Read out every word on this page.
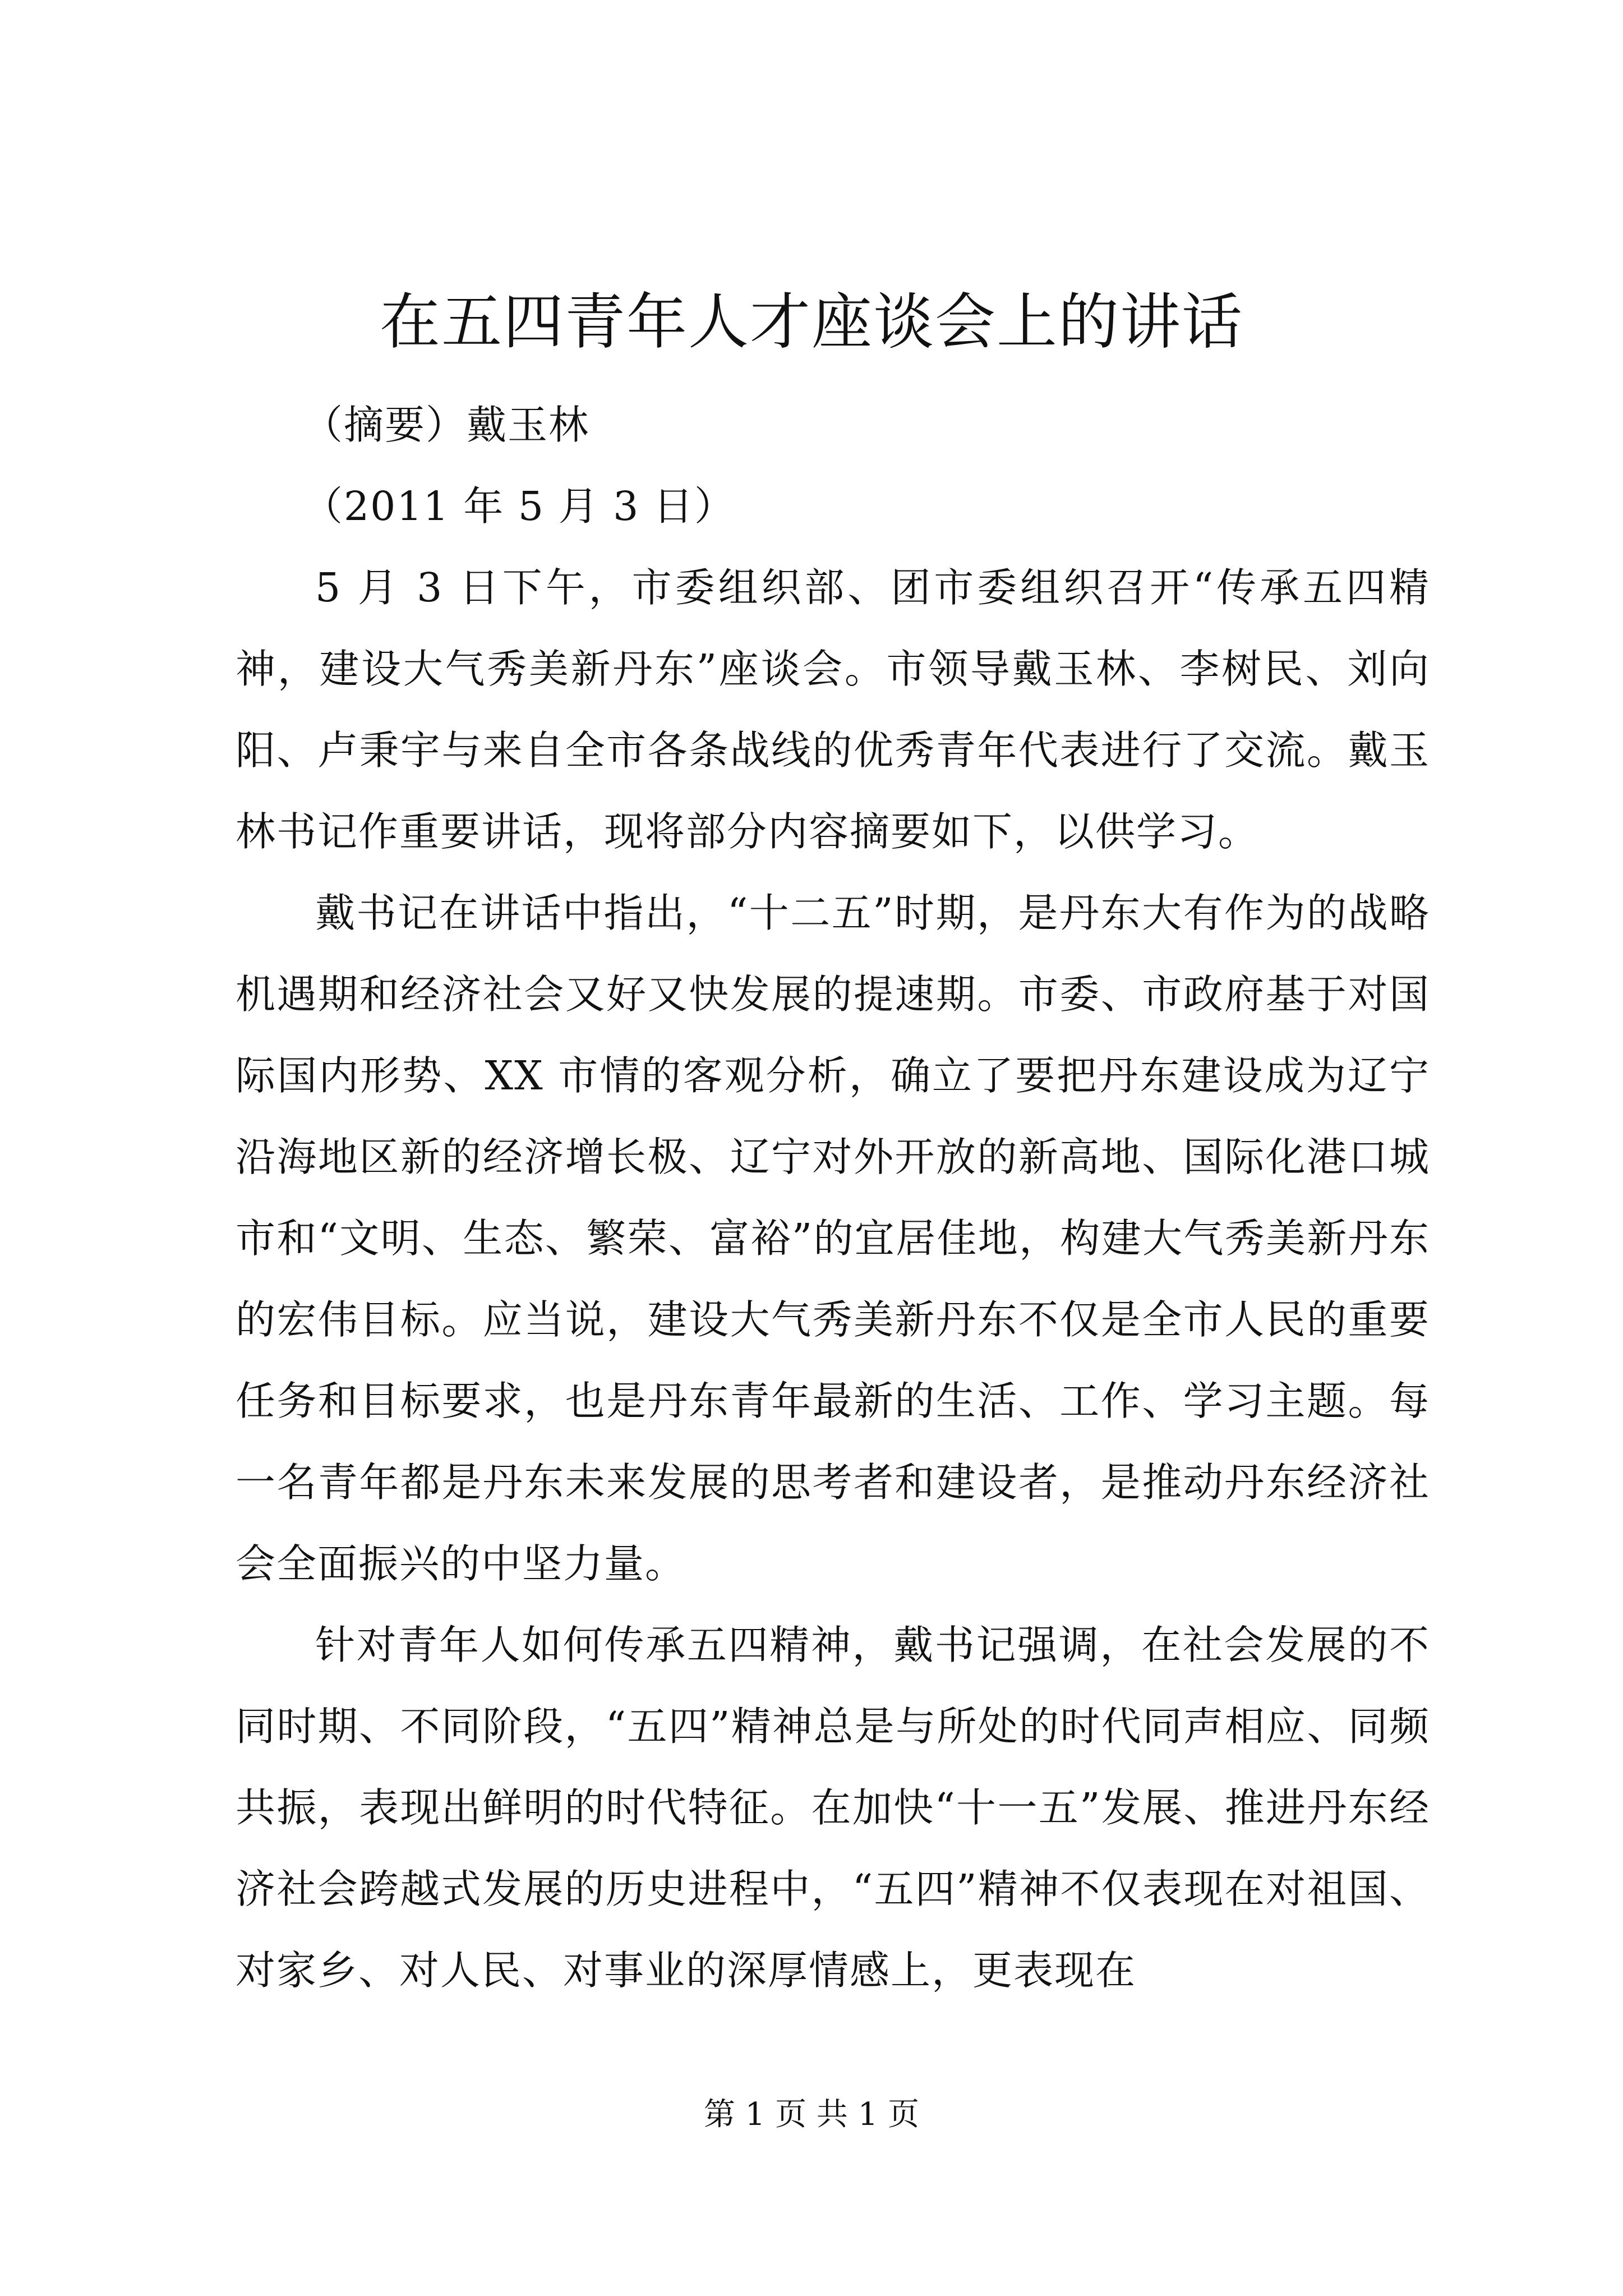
在五四青年人才座谈会上的讲话

（摘要）戴玉林

（2011 年 5 月 3 日）

5 月 3 日下午，市委组织部、团市委组织召开“传承五四精神，建设大气秀美新丹东”座谈会。市领导戴玉林、李树民、刘向阳、卢秉宇与来自全市各条战线的优秀青年代表进行了交流。戴玉林书记作重要讲话，现将部分内容摘要如下，以供学习。

戴书记在讲话中指出，“十二五”时期，是丹东大有作为的战略机遇期和经济社会又好又快发展的提速期。市委、市政府基于对国际国内形势、XX 市情的客观分析，确立了要把丹东建设成为辽宁沿海地区新的经济增长极、辽宁对外开放的新高地、国际化港口城市和“文明、生态、繁荣、富裕”的宜居佳地，构建大气秀美新丹东的宏伟目标。应当说，建设大气秀美新丹东不仅是全市人民的重要任务和目标要求，也是丹东青年最新的生活、工作、学习主题。每一名青年都是丹东未来发展的思考者和建设者，是推动丹东经济社会全面振兴的中坚力量。

针对青年人如何传承五四精神，戴书记强调，在社会发展的不同时期、不同阶段，“五四”精神总是与所处的时代同声相应、同频共振，表现出鲜明的时代特征。在加快“十一五”发展、推进丹东经济社会跨越式发展的历史进程中，“五四”精神不仅表现在对祖国、对家乡、对人民、对事业的深厚情感上，更表现在

第 1 页 共 1 页
